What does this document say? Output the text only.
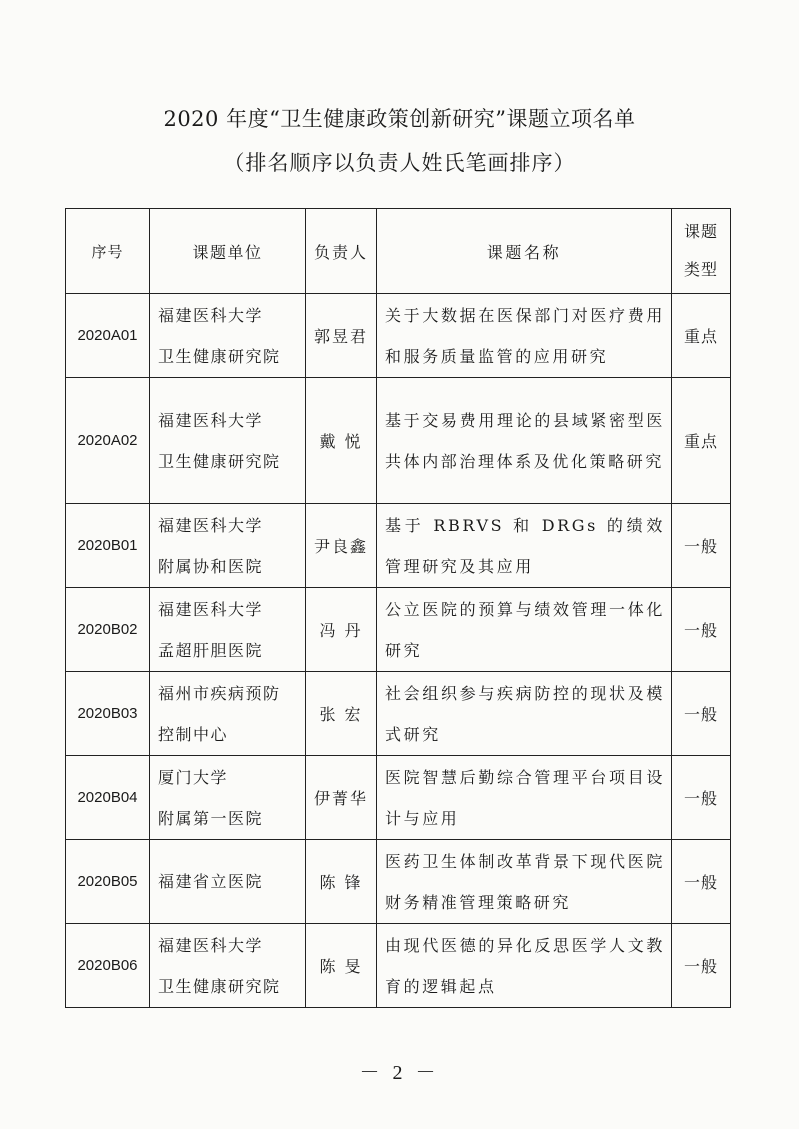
2020 年度“卫生健康政策创新研究”课题立项名单
（排名顺序以负责人姓氏笔画排序）
序号	课题单位	负责人	课题名称	课题
类型

2020A01	福建医科大学
卫生健康研究院	郭昱君	关于大数据在医保部门对医疗费用和服务质量监管的应用研究	重点
2020A02	福建医科大学
卫生健康研究院	戴 悦	基于交易费用理论的县域紧密型医共体内部治理体系及优化策略研究	重点
2020B01	福建医科大学
附属协和医院	尹良鑫	基于 RBRVS 和 DRGs 的绩效管理研究及其应用	一般
2020B02	福建医科大学
孟超肝胆医院	冯 丹	公立医院的预算与绩效管理一体化研究	一般
2020B03	福州市疾病预防
控制中心	张 宏	社会组织参与疾病防控的现状及模式研究	一般
2020B04	厦门大学
附属第一医院	伊菁华	医院智慧后勤综合管理平台项目设计与应用	一般
2020B05	福建省立医院	陈 锋	医药卫生体制改革背景下现代医院财务精准管理策略研究	一般
2020B06	福建医科大学
卫生健康研究院	陈 旻	由现代医德的异化反思医学人文教育的逻辑起点	一般
－ 2 －
